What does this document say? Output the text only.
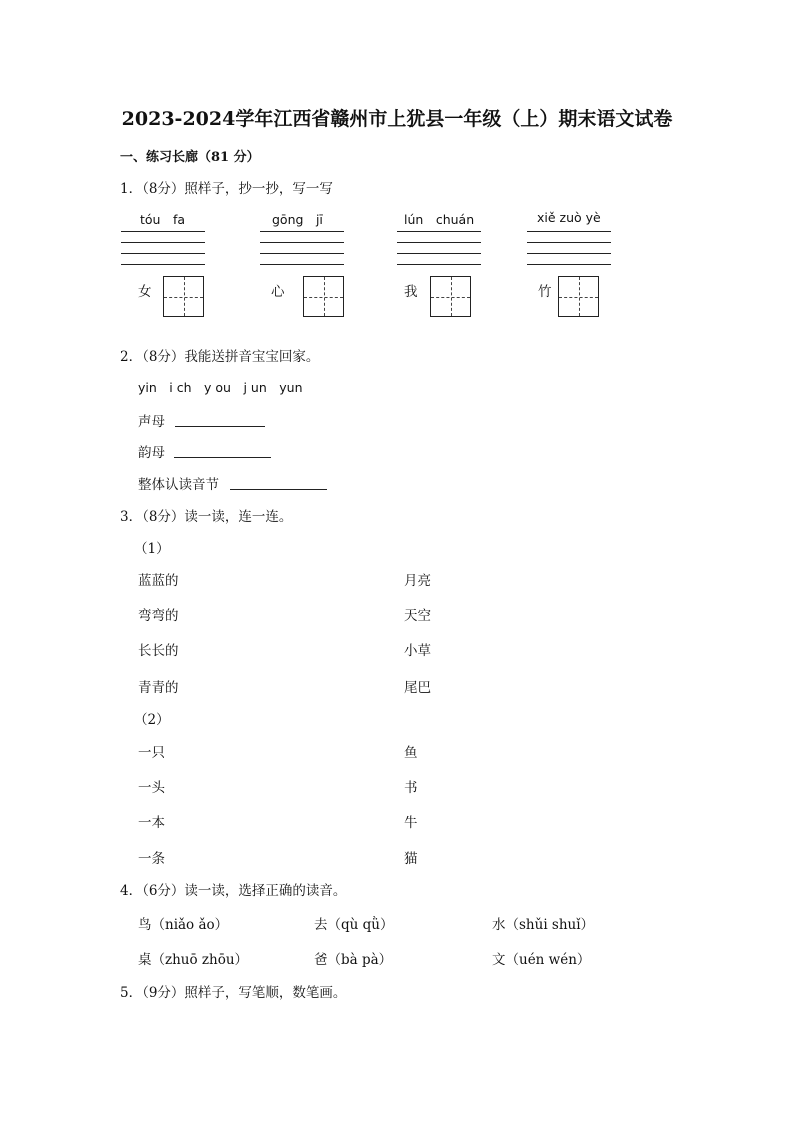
2023-2024学年江西省赣州市上犹县一年级（上）期末语文试卷
一、练习长廊（81 分）
1．（8分）照样子，抄一抄，写一写
tóu　fa	gōng　jī	lún　chuán	xiě zuò yè
女	心	我	竹
2．（8分）我能送拼音宝宝回家。
yin　i ch　y ou　j un　yun
声母
韵母
整体认读音节
3．（8分）读一读，连一连。
（1）
蓝蓝的	月亮
弯弯的	天空
长长的	小草
青青的	尾巴
（2）
一只	鱼
一头	书
一本	牛
一条	猫
4．（6分）读一读，选择正确的读音。
鸟（niǎo ǎo）	去（qù qǜ）	水（shǔi shuǐ）
桌（zhuō zhōu）	爸（bà pà）	文（uén wén）
5．（9分）照样子，写笔顺，数笔画。
